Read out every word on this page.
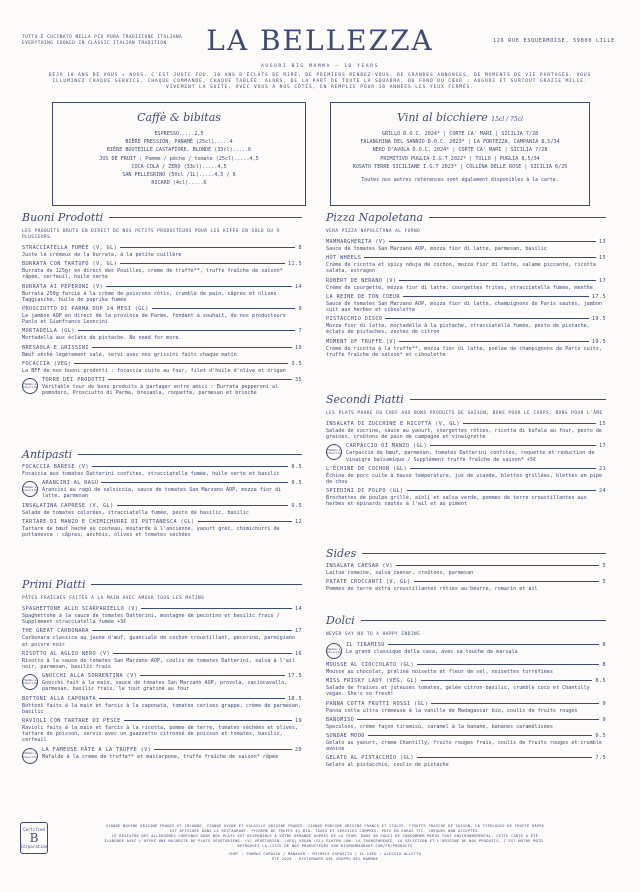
TUTTO È CUCINATO NELLA PIÙ PURA TRADIZIONE ITALIANA
EVERYTHING COOKED IN CLASSIC ITALIAN TRADITION	LA BELLEZZA	126 RUE ESQUERMOISE, 59800 LILLE
AUGURI BIG MAMMA — 10 YEARS
DÉJÀ 10 ANS DE VOUS « NOUS, C'EST JUSTE FOU. 10 ANS D'ÉCLATS DE RIRE, DE PREMIERS RENDEZ-VOUS, DE GRANDES ANNONCES, DE MOMENTS DE VIE PARTAGÉS. VOUS ILLUMINEZ CHAQUE SERVICE, CHAQUE COMMANDE, CHAQUE TABLÉE. ALORS, DE LA PART DE TOUTE LA SQUADRA, DU FOND DU CŒUR : AUGURI ET SURTOUT GRAZIE MILLE. VIVEMENT LA SUITE, AVEC VOUS À NOS CÔTÉS, EN REMPLIE POUR 10 ANNÉES LES YEUX FERMÉS.
Caffè & bibitas
ESPRESSO.....2,5
BIÈRE PRESSION, PANAMÉ (25cl).....4
BIÈRE BOUTEILLE CASTAFIORE, BLONDE (33cl).....6
JUS DE FRUIT : Pomme / pêche / tomate (25cl).....4,5
COCA-COLA / ZERO (33cl).....4,5
SAN PELLEGRINO (50cl /1L).....4,5 / 6
RICARD (4cl).....6
Vini al bicchiere 15cl / 75cl
GRILLO D.O.C. 2024* | CORTE CA' MARI | SICILIA 7/28
FALANGHINA DEL SANNIO D.O.C. 2023* | LA FORTEZZA, CAMPANIA 8,5/34
NERO D'AVOLA D.O.C. 2024* | CORTE CA' MARI | SICILIA 7/28
PRIMITIVO PUGLIA I.G.T 2022* | TULLO | PUGLIA 8,5/34
ROSATO TERRE SICILIANE I.G.T 2023* | COLLINA DELLE ROSE | SICILIA 6/25
Toutes nos autres références sont également disponibles à la carte.
Buoni Prodotti
LES PRODUITS BRUTS EN DIRECT DE NOS PETITS PRODUCTEURS POUR LES KIFFS EN SOLO OU À PLUSIEURS
STRACCIATELLA FUMÉE (V, GL)	8
Juste le crémeux de la burrata, à la petite cuillère
BURRATA CON TARTUFO (V, GL)	11.5
Burrata de 125gr en direct des Pouilles, crème de truffe**, truffe fraîche de saison* râpée, cerfeuil, huile verte
BURRATA AI PEPERONI (V)	14
Burrata 250g farcie à la crème de poivrons rôtis, crumble de pain, câpres et olives Taggiasche, huile de paprika fumée
PROSCIUTTO DI PARMA DOP 24 MESI (GL)	9
Le jambon AOP en direct de la province de Parme, fondant à souhait, de nos producteurs Paolo et Gianfranco Leoncini
MORTADELLA (GL)	7
Mortadella aux éclats de pistache. No need for more.
BRESAOLA E GRISSINI	10
Bœuf séché légèrement salé, servi avec nos grissini faits chaque matin
FOCACCIA (VEG)	3.5
La BFF de nos buoni prodotti : focaccia cuite au four, filet d'huile d'olive et origan
Mamma's favorite
TORRE DEI PRODOTTI	35
Véritable tour de bons produits à partager entre amici : Burrata pepperoni al pomodoro, Prosciutto di Parma, bresaola, roquette, parmesan et brioche
Antipasti
FOCACCIA BARESE (V)	8.5
Focaccia aux tomates Datterini confites, stracciatella fumée, huile verte et basilic
Mamma's favorite
ARANCINI AL RAGÙ	9.5
Arancini au ragù de salsiccia, sauce de tomates San Marzano AOP, mozza fior di latte, parmesan
INSALATINA CAPRESE (V, GL)	9.5
Salade de tomates colorées, stracciatella fumée, pesto de basilic, basilic
TARTARE DI MANZO E CHIMICHURRI DI PUTTANESCA (GL)	12
Tartare de bœuf haché au couteau, moutarde à l'ancienne, yaourt grec, chimichurri de puttanesca : câpres, anchois, olives et tomates séchées
Primi Piatti
PÂTES FRAÎCHES FAITES À LA MAIN AVEC AMOUR TOUS LES MATINS
SPAGHETTONE ALLO SCARPARIELLO (V)	14
Spaghettone à la sauce de tomates Datterini, montagne de pecorino et basilic frais / Supplément stracciatella fumée +3€
THE GREAT CARBONARA	17
Carbonara classica au jaune d'œuf, guanciale de cochon croustillant, pecorino, parmigiano et poivre noir
RISOTTO AL AGLIO NERO (V)	16
Risotto à la sauce de tomates San Marzano AOP, coulis de tomates Datterini, salsa à l'ail noir, parmesan, basilic frais
Mamma's favorite
GNOCCHI ALLA SORRENTINA (V)	17.5
Gnocchi fait à la main, sauce de tomates San Marzano AOP, provola, caciocavallo, parmesan, basilic frais, le tout gratiné au four
BOTTONI ALLA CAPONATA	18.5
Bottoni faits à la main et farcis à la caponata, tomates cerises grappe, crème de parmesan, basilic
RAVIOLI CON TARTARE DI PESCE	19
Ravioli faits à la main et farcis à la ricotta, pomme de terre, tomates séchées et olives, tartare de poisson, servis avec un guazzetto citronné de poisson et tomates, basilic, cerfeuil
Mamma's favorite
LA FAMEUSE PÂTE À LA TRUFFE (V)	20
Mafalde à la crème de truffe** et mascarpone, truffe fraîche de saison* râpée
Pizza Napoletana
VERA PIZZA NAPOLETANA AL FORNO
MAMMARGHERITA (V)	13
Sauce de tomates San Marzano AOP, mozza fior di latte, parmesan, basilic
HOT WHEELS	15
Crème de ricotta et spicy nduja de cochon, mozza fior di latte, salame piccante, ricotta salata, estragon
ROBERT DE NERANO (V)	17
Crème de courgette, mozza fior di latte, courgettes frites, stracciatella fumée, menthe
LA REINE DE TON COEUR	17.5
Sauce de tomates San Marzano AOP, mozza fior di latte, champignons de Paris sautés, jambon cuit aux herbes et ciboulette
PISTACCHIO DISCO	19.5
Mozza fior di latte, mortadelle à la pistache, stracciatella fumée, pesto de pistache, éclats de pistaches, zestes de citron
MOMENT OF TRUFFE (V)	19.5
Crème de ricotta à la truffe**, mozza fior di latte, poêlée de champignons de Paris cuits, truffe fraîche de saison* et ciboulette
Secondi Piatti
LES PLATS PHARE DU CHEF AUX BONS PRODUITS DE SAISON, BONS POUR LE CORPS, BONS POUR L'ÂME
INSALATA DI ZUCCHINE E RICOTTA (V, GL)	15
Salade de sucrine, sauce au yaourt, courgettes rôties, ricotta di bufala au four, pesto de graines, croûtons de pain de campagne et vinaigrette
Mamma's favorite
CARPACCIO DI MANZO (GL)	17
Carpaccio de bœuf, parmesan, tomates Datterini confites, roquette et réduction de vinaigre balsamique / Supplément truffe fraîche de saison* +5€
L'ÉCHINE DE COCHON (GL)	21
Échine de porc cuite à basse température, jus de viande, blettes grillées, blettes en pipe de chou
SPIEDINI DI POLPO (GL)	24
Brochettes de poulpe grillé, aïoli et salsa verde, pommes de terre croustillantes aux herbes et épinards sautés à l'ail et au piment
Sides
INSALATA CAESAR (V)	5
Laitue romaine, salsa caesar, croûtons, parmesan
PATATE CROCCANTI (V, GL)	5
Pommes de terre extra croustillantes rôties au beurre, romarin et ail
Dolci
NEVER SAY NO TO A HAPPY ENDING
Mamma's favorite
IL TIRAMISÙ	8
Le grand classique della casa, avec sa touche de marsala
MOUSSE AL CIOCCOLATO (GL)	8
Mousse au chocolat, praliné noisette et fleur de sel, noisettes torréfiées
MISS FRISKY LADY (VEG, GL)	8.5
Salade de fraises et juteuses tomates, gelée citron-basilic, crumble coco et Chantilly vegan. She's so fresh!
PANNA COTTA FRUTTI ROSSI (GL)	9
Panna cotta ultra crémeuse à la vanille de Madagascar bio, coulis de fruits rouges
BANOMISÙ	9
Speculoos, crème façon tiramisù, caramel à la banane, bananes caramélisées
SUNDAE MOOD	9.5
Gelato au yaourt, crème Chantilly, fruits rouges frais, coulis de fruits rouges et crumble avoine
GELATO AL PISTACCHIO (GL)	7.5
Gelato al pistacchio, coulis de pistache
Certified
B
Corporation
VIANDE BOVINE ORIGINE FRANCE ET IRLANDE. VIANDE OVINE ET VOLAILLE ORIGINE FRANCE. VIANDE PORCINE ORIGINE FRANCE ET ITALIE. *TRUFFE FRAÎCHE DE SAISON, LA TYPOLOGIE DE TRUFFE RÂPÉE
EST AFFICHÉE DANS LE RESTAURANT. **CRÈME DE TRUFFE 4% BIO. TAXES ET SERVICES COMPRIS. PRIX EN EUROS TTC. CHÈQUES NON ACCEPTÉS.
LE REGISTRE DES ALLERGÈNES CONTENUS DANS NOS PLATS EST DISPONIBLE À VOTRE DEMANDE AUPRÈS DE LA TEAM. DANS UN SOUCI DE CONSOMMER MIEUX TOUT ENVIRONNEMENTAL, CETTE CARTE A ÉTÉ
ÉLABORÉE AVEC L'OFFRE UNE MAJORITÉ DE PLATS VÉGÉTARIENS. (V) VÉGÉTARIEN. (VEG) VEGAN (GL) GLUTEN LOW. LA TRANSPARENCE, LA SÉLECTION ET L'ORIGINE DE NOS PRODUITS, C'EST NOTRE MOTO.
RETROUVEZ LA LISTE DE NOS PRODUCTEURS SUR BIGMAMMAGROUP.COM/FR/PRODUCTS
CHEF : THOMAS CAPASSO / MANAGER : MICHELE ESPOSITO / IL CAPO : ALESSIO ALLETTO
ÉTÉ 2025 - RISTORANTE DEL GRUPPO BIG MAMMA®
